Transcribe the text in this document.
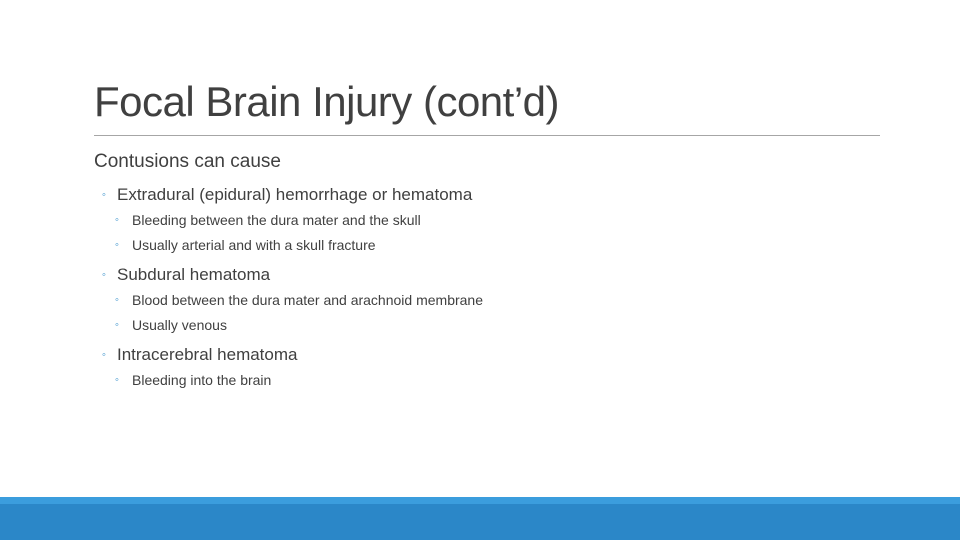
Focal Brain Injury (cont’d)
Contusions can cause
◦ Extradural (epidural) hemorrhage or hematoma
◦ Bleeding between the dura mater and the skull
◦ Usually arterial and with a skull fracture
◦ Subdural hematoma
◦ Blood between the dura mater and arachnoid membrane
◦ Usually venous
◦ Intracerebral hematoma
◦ Bleeding into the brain
